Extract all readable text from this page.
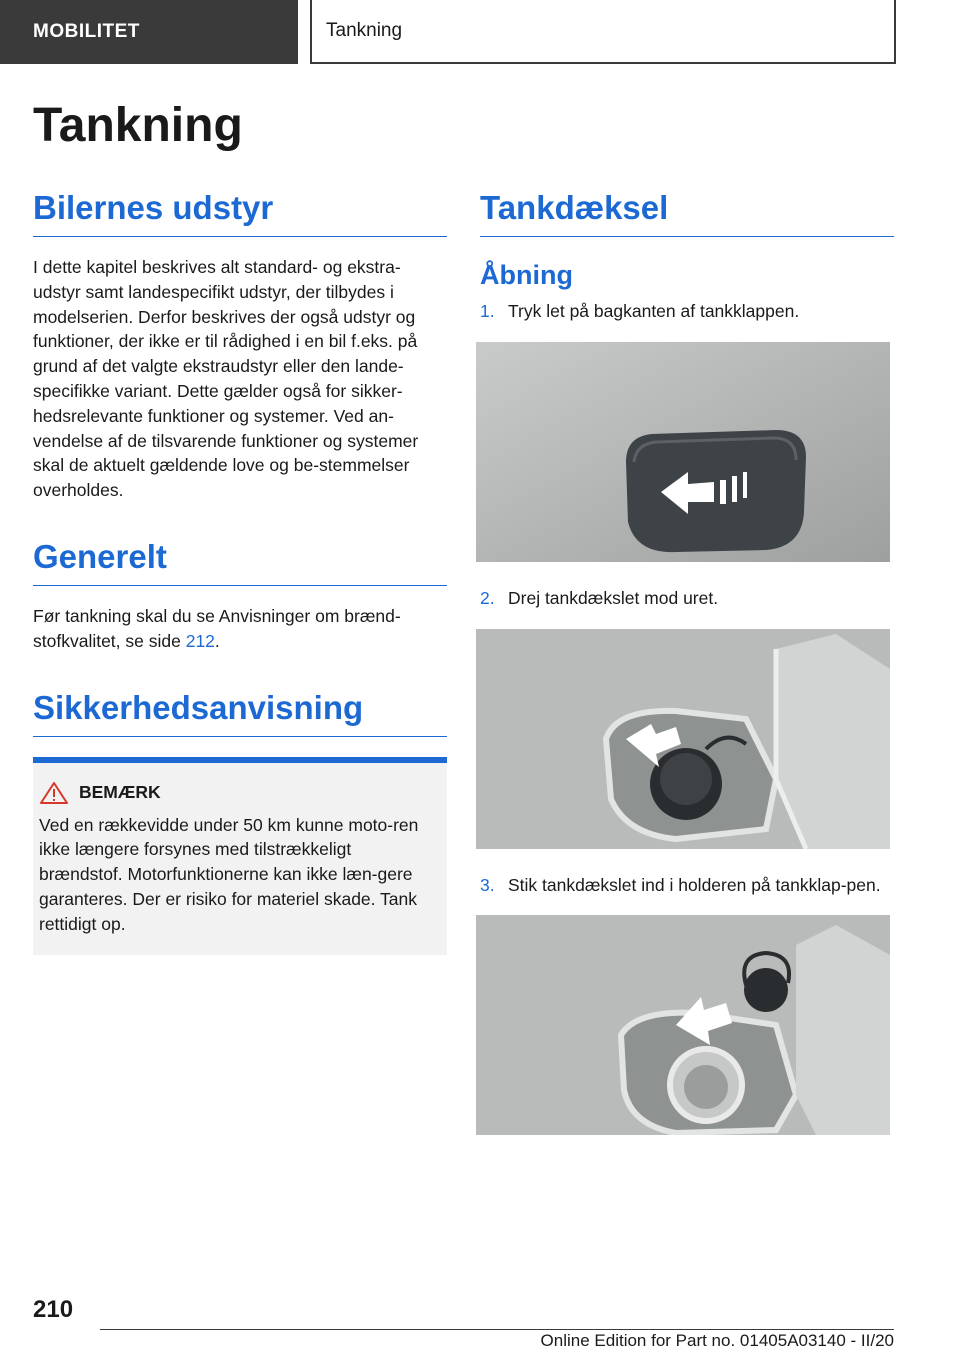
MOBILITET	Tankning
Tankning
Bilernes udstyr

I dette kapitel beskrives alt standard- og ekstra-udstyr samt landespecifikt udstyr, der tilbydes i modelserien. Derfor beskrives der også udstyr og funktioner, der ikke er til rådighed i en bil f.eks. på grund af det valgte ekstraudstyr eller den lande-specifikke variant. Dette gælder også for sikker-hedsrelevante funktioner og systemer. Ved an-vendelse af de tilsvarende funktioner og systemer skal de aktuelt gældende love og be-stemmelser overholdes.

Generelt

Før tankning skal du se Anvisninger om brænd-stofkvalitet, se side 212.

Sikkerhedsanvisning
BEMÆRK

Ved en rækkevidde under 50 km kunne moto-ren ikke længere forsynes med tilstrækkeligt brændstof. Motorfunktionerne kan ikke læn-gere garanteres. Der er risiko for materiel skade. Tank rettidigt op.

Tankdæksel
Åbning
1. Tryk let på bagkanten af tankklappen.
2. Drej tankdækslet mod uret.
3. Stik tankdækslet ind i holderen på tankklap-pen.
210
Online Edition for Part no. 01405A03140 - II/20
